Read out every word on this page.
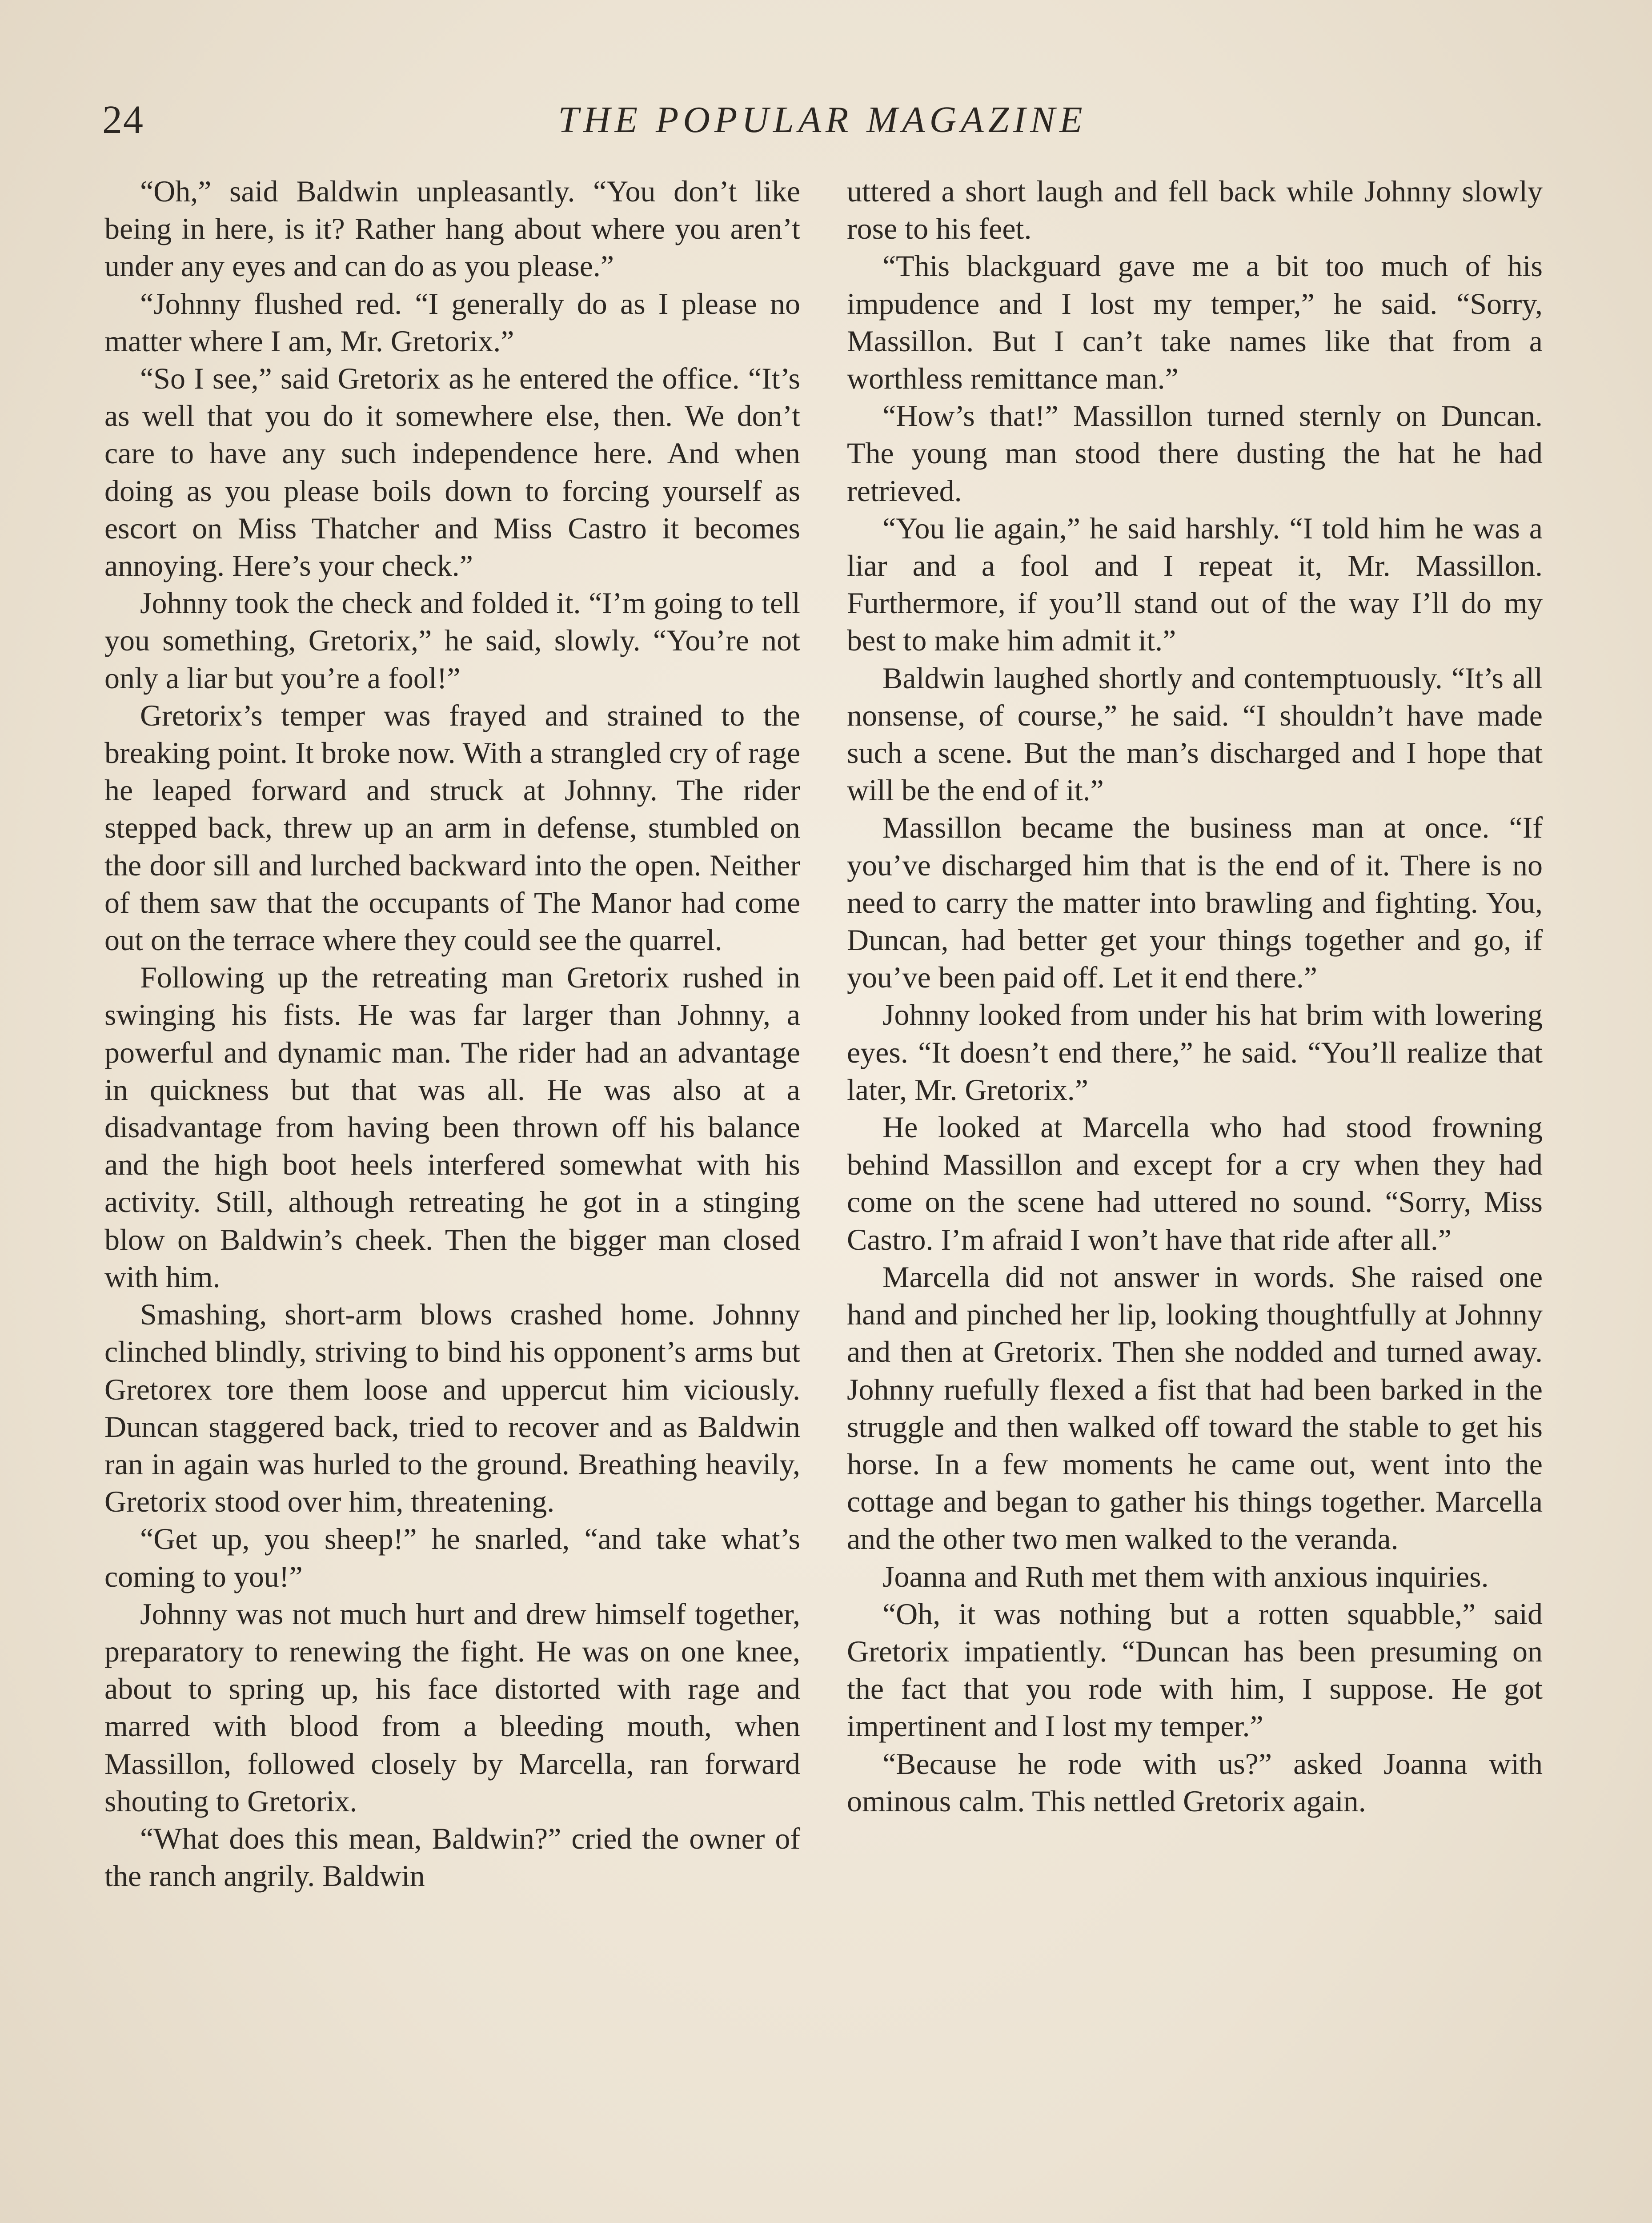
24	THE POPULAR MAGAZINE

“Oh,” said Baldwin unpleasantly. “You don’t like being in here, is it? Rather hang about where you aren’t under any eyes and can do as you please.”

“Johnny flushed red. “I generally do as I please no matter where I am, Mr. Gretorix.”

“So I see,” said Gretorix as he entered the office. “It’s as well that you do it somewhere else, then. We don’t care to have any such independence here. And when doing as you please boils down to forcing yourself as escort on Miss Thatcher and Miss Castro it becomes annoying. Here’s your check.”

Johnny took the check and folded it. “I’m going to tell you something, Gretorix,” he said, slowly. “You’re not only a liar but you’re a fool!”

Gretorix’s temper was frayed and strained to the breaking point. It broke now. With a strangled cry of rage he leaped forward and struck at Johnny. The rider stepped back, threw up an arm in defense, stumbled on the door sill and lurched backward into the open. Neither of them saw that the occupants of The Manor had come out on the terrace where they could see the quarrel.

Following up the retreating man Gretorix rushed in swinging his fists. He was far larger than Johnny, a powerful and dynamic man. The rider had an advantage in quickness but that was all. He was also at a disadvantage from having been thrown off his balance and the high boot heels interfered somewhat with his activity. Still, although retreating he got in a stinging blow on Baldwin’s cheek. Then the bigger man closed with him.

Smashing, short-arm blows crashed home. Johnny clinched blindly, striving to bind his opponent’s arms but Gretorex tore them loose and uppercut him viciously. Duncan staggered back, tried to recover and as Baldwin ran in again was hurled to the ground. Breathing heavily, Gretorix stood over him, threatening.

“Get up, you sheep!” he snarled, “and take what’s coming to you!”

Johnny was not much hurt and drew himself together, preparatory to renewing the fight. He was on one knee, about to spring up, his face distorted with rage and marred with blood from a bleeding mouth, when Massillon, followed closely by Marcella, ran forward shouting to Gretorix.

“What does this mean, Baldwin?” cried the owner of the ranch angrily. Baldwin

uttered a short laugh and fell back while Johnny slowly rose to his feet.

“This blackguard gave me a bit too much of his impudence and I lost my temper,” he said. “Sorry, Massillon. But I can’t take names like that from a worthless remittance man.”

“How’s that!” Massillon turned sternly on Duncan. The young man stood there dusting the hat he had retrieved.

“You lie again,” he said harshly. “I told him he was a liar and a fool and I repeat it, Mr. Massillon. Furthermore, if you’ll stand out of the way I’ll do my best to make him admit it.”

Baldwin laughed shortly and contemptuously. “It’s all nonsense, of course,” he said. “I shouldn’t have made such a scene. But the man’s discharged and I hope that will be the end of it.”

Massillon became the business man at once. “If you’ve discharged him that is the end of it. There is no need to carry the matter into brawling and fighting. You, Duncan, had better get your things together and go, if you’ve been paid off. Let it end there.”

Johnny looked from under his hat brim with lowering eyes. “It doesn’t end there,” he said. “You’ll realize that later, Mr. Gretorix.”

He looked at Marcella who had stood frowning behind Massillon and except for a cry when they had come on the scene had uttered no sound. “Sorry, Miss Castro. I’m afraid I won’t have that ride after all.”

Marcella did not answer in words. She raised one hand and pinched her lip, looking thoughtfully at Johnny and then at Gretorix. Then she nodded and turned away. Johnny ruefully flexed a fist that had been barked in the struggle and then walked off toward the stable to get his horse. In a few moments he came out, went into the cottage and began to gather his things together. Marcella and the other two men walked to the veranda.

Joanna and Ruth met them with anxious inquiries.

“Oh, it was nothing but a rotten squabble,” said Gretorix impatiently. “Duncan has been presuming on the fact that you rode with him, I suppose. He got impertinent and I lost my temper.”

“Because he rode with us?” asked Joanna with ominous calm. This nettled Gretorix again.
